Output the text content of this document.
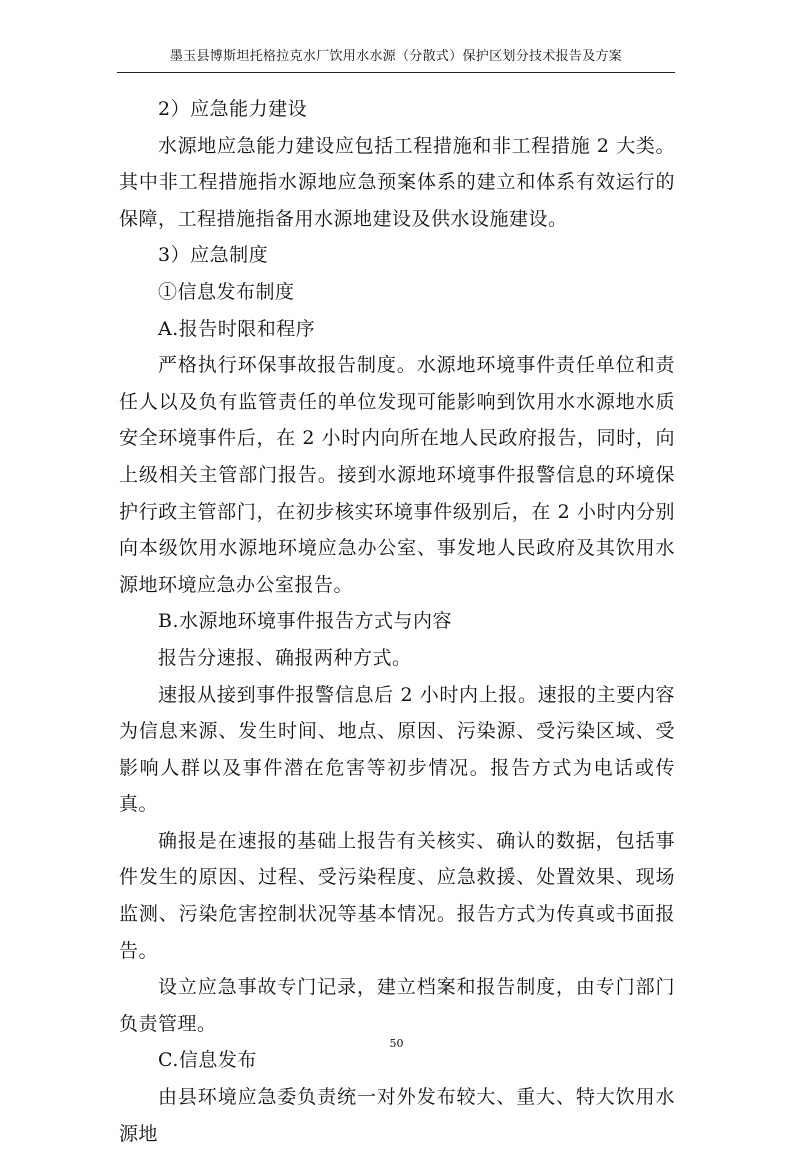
墨玉县博斯坦托格拉克水厂饮用水水源（分散式）保护区划分技术报告及方案

2）应急能力建设

水源地应急能力建设应包括工程措施和非工程措施 2 大类。其中非工程措施指水源地应急预案体系的建立和体系有效运行的保障，工程措施指备用水源地建设及供水设施建设。

3）应急制度

①信息发布制度

A.报告时限和程序

严格执行环保事故报告制度。水源地环境事件责任单位和责任人以及负有监管责任的单位发现可能影响到饮用水水源地水质安全环境事件后，在 2 小时内向所在地人民政府报告，同时，向上级相关主管部门报告。接到水源地环境事件报警信息的环境保护行政主管部门，在初步核实环境事件级别后，在 2 小时内分别向本级饮用水源地环境应急办公室、事发地人民政府及其饮用水源地环境应急办公室报告。

B.水源地环境事件报告方式与内容

报告分速报、确报两种方式。

速报从接到事件报警信息后 2 小时内上报。速报的主要内容为信息来源、发生时间、地点、原因、污染源、受污染区域、受影响人群以及事件潜在危害等初步情况。报告方式为电话或传真。

确报是在速报的基础上报告有关核实、确认的数据，包括事件发生的原因、过程、受污染程度、应急救援、处置效果、现场监测、污染危害控制状况等基本情况。报告方式为传真或书面报告。

设立应急事故专门记录，建立档案和报告制度，由专门部门负责管理。

C.信息发布

由县环境应急委负责统一对外发布较大、重大、特大饮用水源地

50
